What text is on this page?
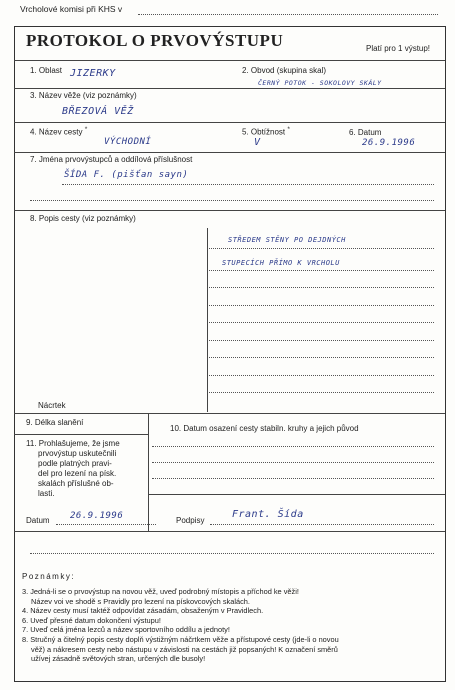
Vrcholové komisi při KHS v
PROTOKOL O PRVOVÝSTUPU	Platí pro 1 výstup!
1. Oblast JIZERKY	2. Obvod (skupina skal)
ČERNÝ POTOK - SOKOLOVY SKÁLY
3. Název věže (viz poznámky)
BŘEZOVÁ VĚŽ
4. Název cesty *
VÝCHODNÍ
5. Obtížnost *
V
6. Datum
26.9.1996
7. Jména prvovýstupců a oddílová příslušnost
ŠÍDA F. (pišťan sayn)
8. Popis cesty (viz poznámky)
STŘEDEM STĚNY PO DEJDNÝCH
STUPECÍCH PŘÍMO K VRCHOLU
Nácrtek
9. Délka slanění
10. Datum osazení cesty stabiln. kruhy a jejich původ
11. Prohlašujeme, že jsme
prvovýstup uskutečnili
podle platných pravi-
del pro lezení na písk.
skalách příslušné ob-
lasti.
Datum 26.9.1996	Podpisy
Frant. Šída
Poznámky:
3. Jedná-li se o prvovýstup na novou věž, uveď podrobný místopis a příchod ke věži!
Název voi ve shodě s Pravidly pro lezení na pískovcových skalách.
4. Název cesty musí taktéž odpovídat zásadám, obsaženým v Pravidlech.
6. Uveď přesné datum dokončení výstupu!
7. Uveď celá jména lezců a název sportovního oddílu a jednoty!
8. Stručný a čitelný popis cesty doplň výstižným náčrtkem věže a přístupové cesty (jde-li o novou
věž) a nákresem cesty nebo nástupu v závislosti na cestách již popsaných! K označení směrů
užívej zásadně světových stran, určených dle busoly!
